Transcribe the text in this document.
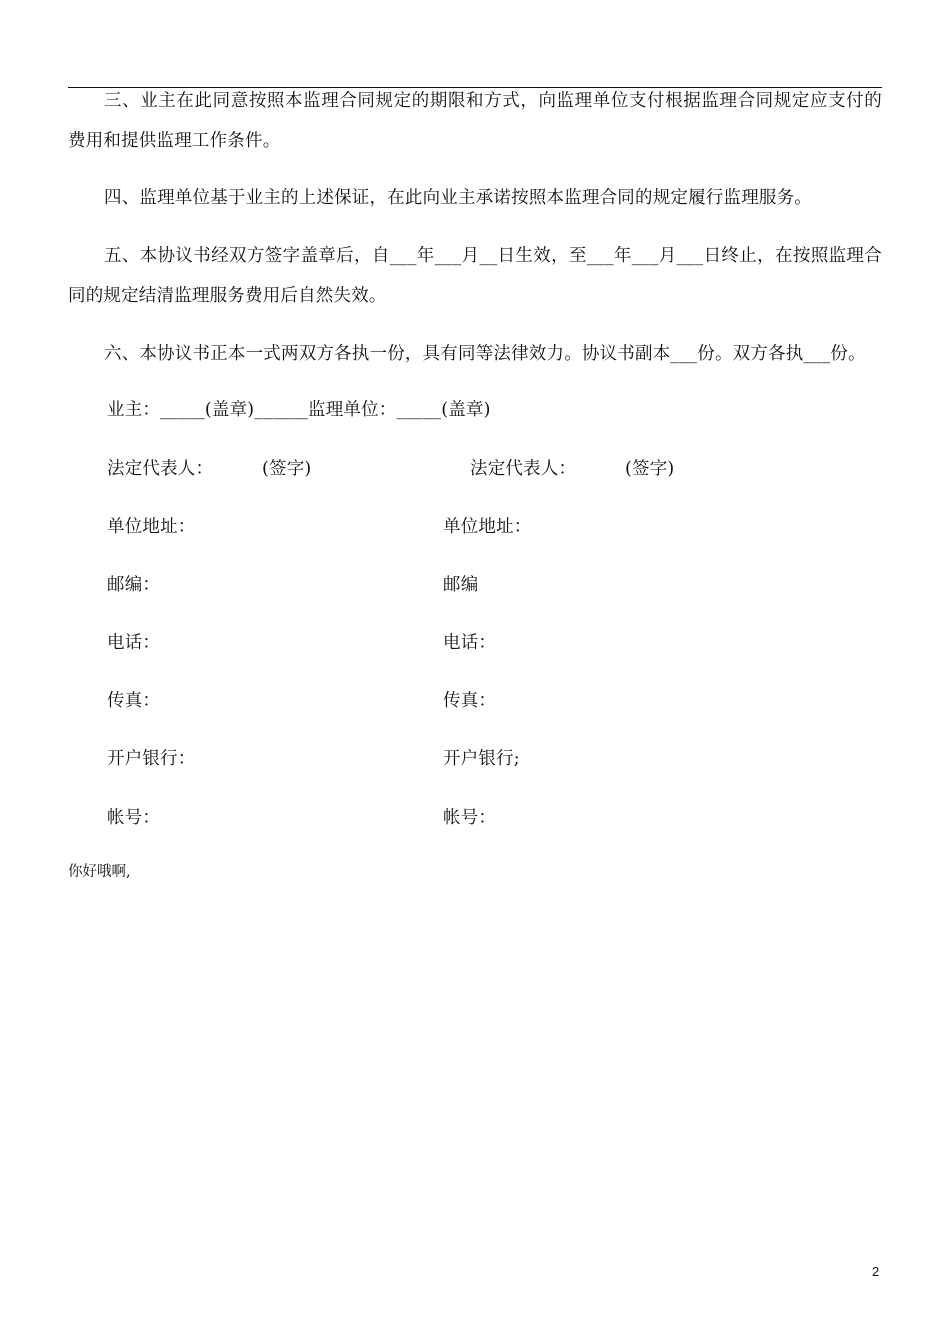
三、业主在此同意按照本监理合同规定的期限和方式，向监理单位支付根据监理合同规定应支付的费用和提供监理工作条件。

四、监理单位基于业主的上述保证，在此向业主承诺按照本监理合同的规定履行监理服务。

五、本协议书经双方签字盖章后，自___年___月__日生效，至___年___月___日终止，在按照监理合同的规定结清监理服务费用后自然失效。

六、本协议书正本一式两双方各执一份，具有同等法律效力。协议书副本___份。双方各执___份。

业主：_____(盖章)______监理单位：_____(盖章)
法定代表人：	(签字)
单位地址：
邮编：
电话：
传真：
开户银行：
帐号：
法定代表人：	(签字)
单位地址：
邮编
电话：
传真：
开户银行;
帐号：
你好哦啊,
2
